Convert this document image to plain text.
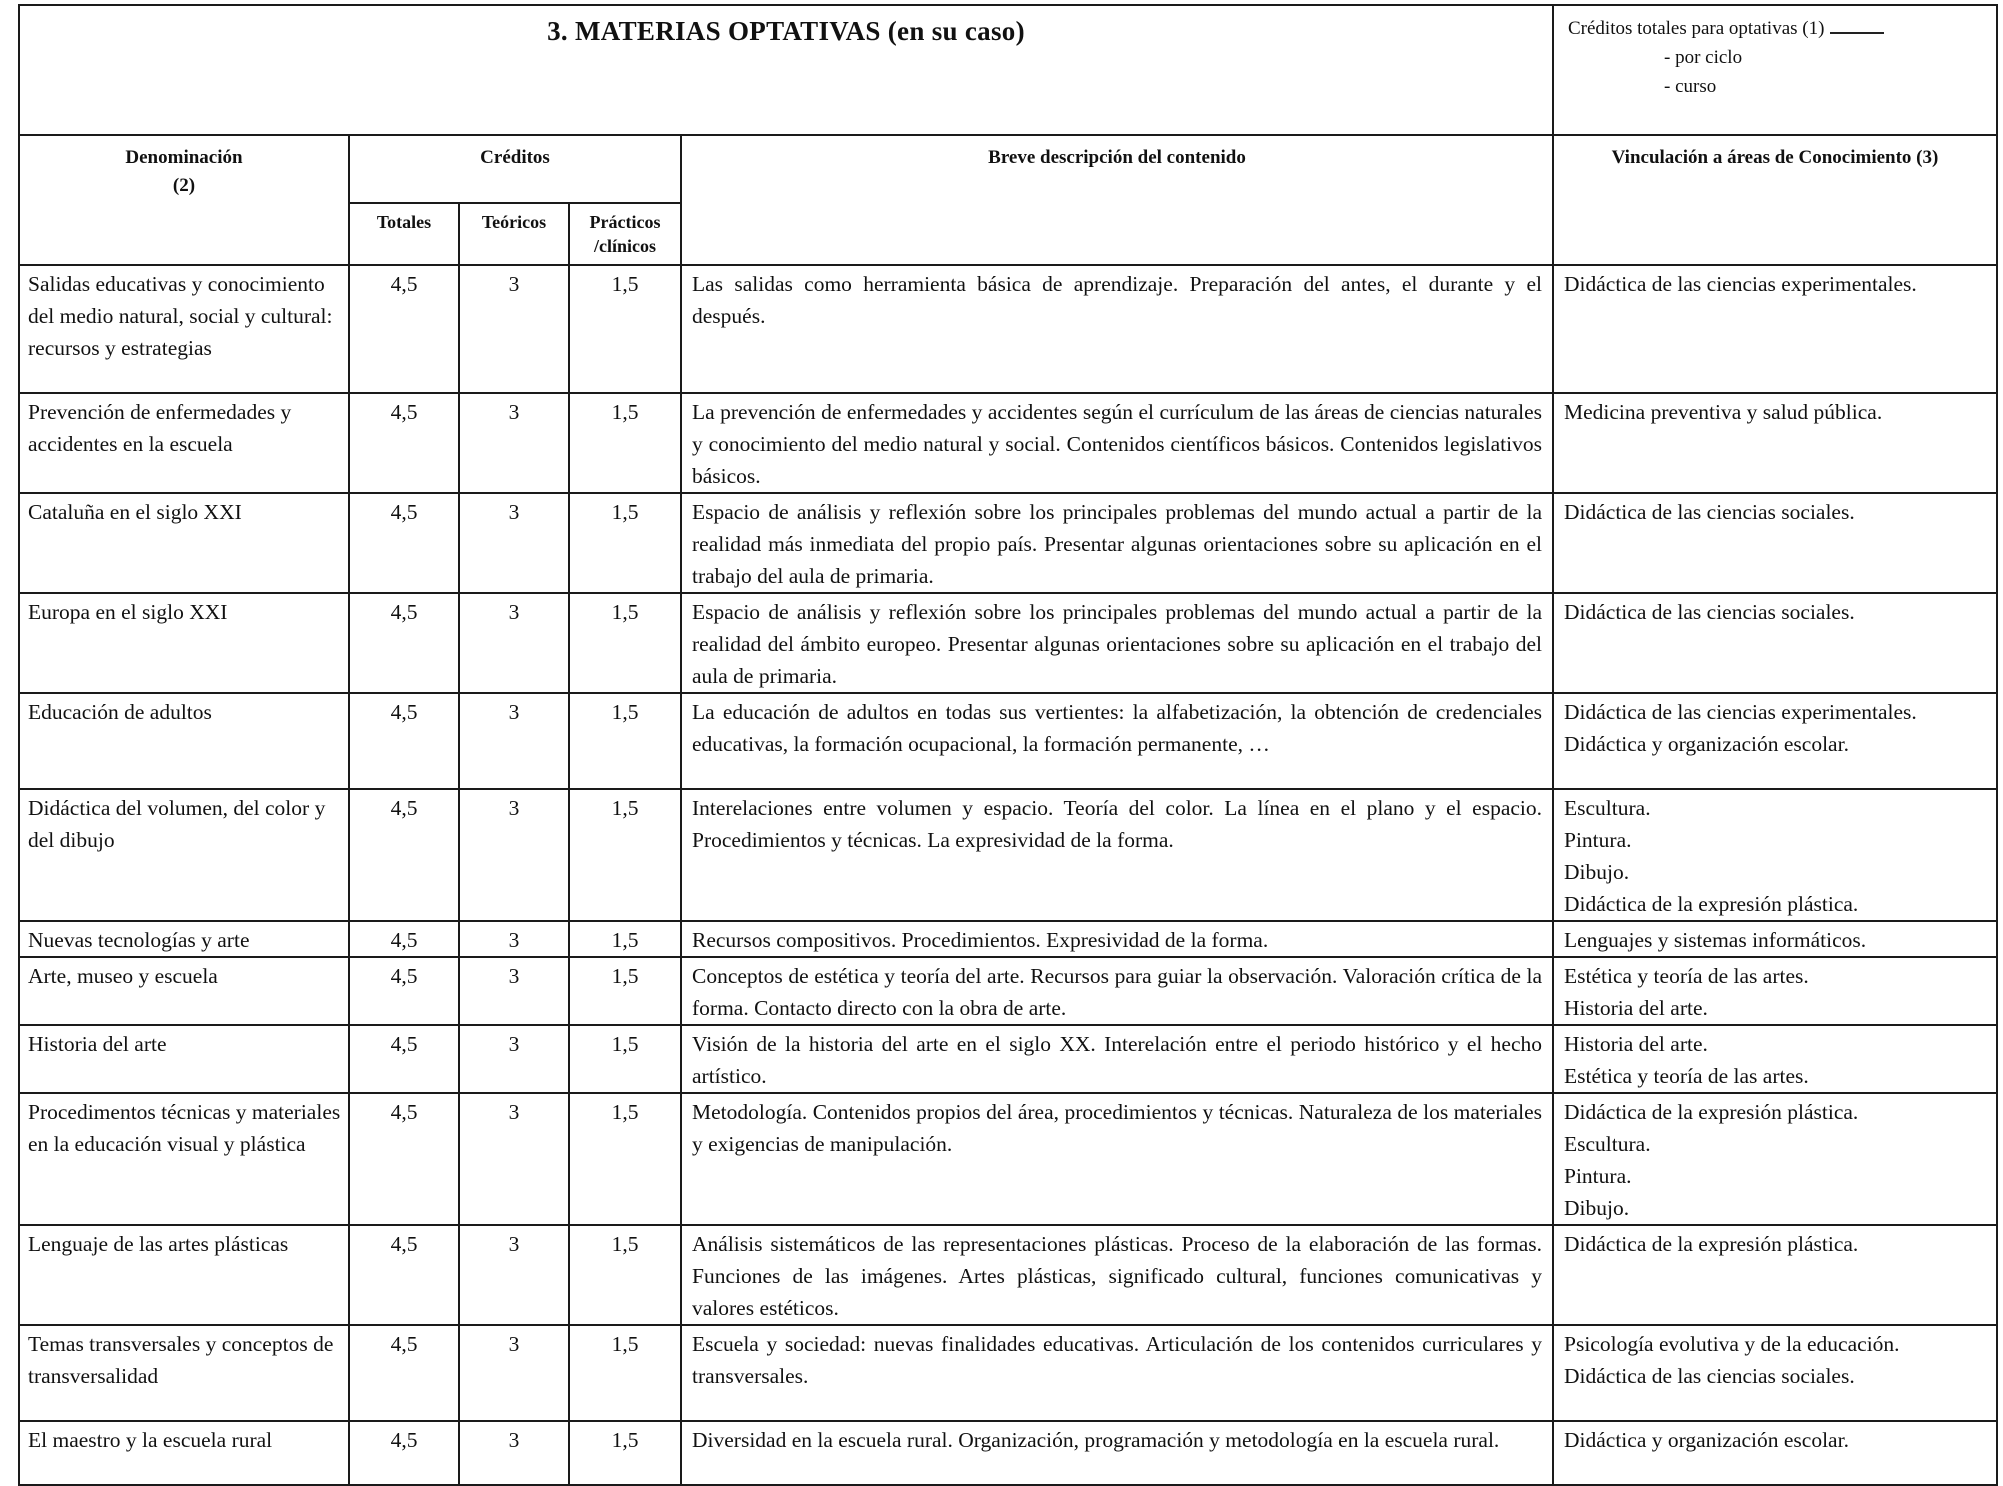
3. MATERIAS OPTATIVAS (en su caso)					Créditos totales para optativas (1)
- por ciclo
- curso

Denominación
(2)	Créditos			Breve descripción del contenido	Vinculación a áreas de Conocimiento (3)
	Totales	Teóricos	Prácticos /clínicos		
Salidas educativas y conocimiento del medio natural, social y cultural: recursos y estrategias	4,5	3	1,5	Las salidas como herramienta básica de aprendizaje. Preparación del antes, el durante y el después.	Didáctica de las ciencias experimentales.

Prevención de enfermedades y accidentes en la escuela	4,5	3	1,5	La prevención de enfermedades y accidentes según el currículum de las áreas de ciencias naturales y conocimiento del medio natural y social. Contenidos científicos básicos. Contenidos legislativos básicos.	Medicina preventiva y salud pública.

Cataluña en el siglo XXI	4,5	3	1,5	Espacio de análisis y reflexión sobre los principales problemas del mundo actual a partir de la realidad más inmediata del propio país. Presentar algunas orientaciones sobre su aplicación en el trabajo del aula de primaria.	Didáctica de las ciencias sociales.

Europa en el siglo XXI	4,5	3	1,5	Espacio de análisis y reflexión sobre los principales problemas del mundo actual a partir de la realidad del ámbito europeo. Presentar algunas orientaciones sobre su aplicación en el trabajo del aula de primaria.	Didáctica de las ciencias sociales.

Educación de adultos	4,5	3	1,5	La educación de adultos en todas sus vertientes: la alfabetización, la obtención de credenciales educativas, la formación ocupacional, la formación permanente, …	Didáctica de las ciencias experimentales.
Didáctica y organización escolar.

Didáctica del volumen, del color y del dibujo	4,5	3	1,5	Interelaciones entre volumen y espacio. Teoría del color. La línea en el plano y el espacio. Procedimientos y técnicas. La expresividad de la forma.	Escultura.
Pintura.
Dibujo.
Didáctica de la expresión plástica.

Nuevas tecnologías y arte	4,5	3	1,5	Recursos compositivos. Procedimientos. Expresividad de la forma.	Lenguajes y sistemas informáticos.

Arte, museo y escuela	4,5	3	1,5	Conceptos de estética y teoría del arte. Recursos para guiar la observación. Valoración crítica de la forma. Contacto directo con la obra de arte.	Estética y teoría de las artes.
Historia del arte.

Historia del arte	4,5	3	1,5	Visión de la historia del arte en el siglo XX. Interelación entre el periodo histórico y el hecho artístico.	Historia del arte.
Estética y teoría de las artes.

Procedimentos técnicas y materiales en la educación visual y plástica	4,5	3	1,5	Metodología. Contenidos propios del área, procedimientos y técnicas. Naturaleza de los materiales y exigencias de manipulación.	Didáctica de la expresión plástica.
Escultura.
Pintura.
Dibujo.

Lenguaje de las artes plásticas	4,5	3	1,5	Análisis sistemáticos de las representaciones plásticas. Proceso de la elaboración de las formas. Funciones de las imágenes. Artes plásticas, significado cultural, funciones comunicativas y valores estéticos.	Didáctica de la expresión plástica.

Temas transversales y conceptos de transversalidad	4,5	3	1,5	Escuela y sociedad: nuevas finalidades educativas. Articulación de los contenidos curriculares y transversales.	Psicología evolutiva y de la educación.
Didáctica de las ciencias sociales.

El maestro y la escuela rural	4,5	3	1,5	Diversidad en la escuela rural. Organización, programación y metodología en la escuela rural.	Didáctica y organización escolar.
